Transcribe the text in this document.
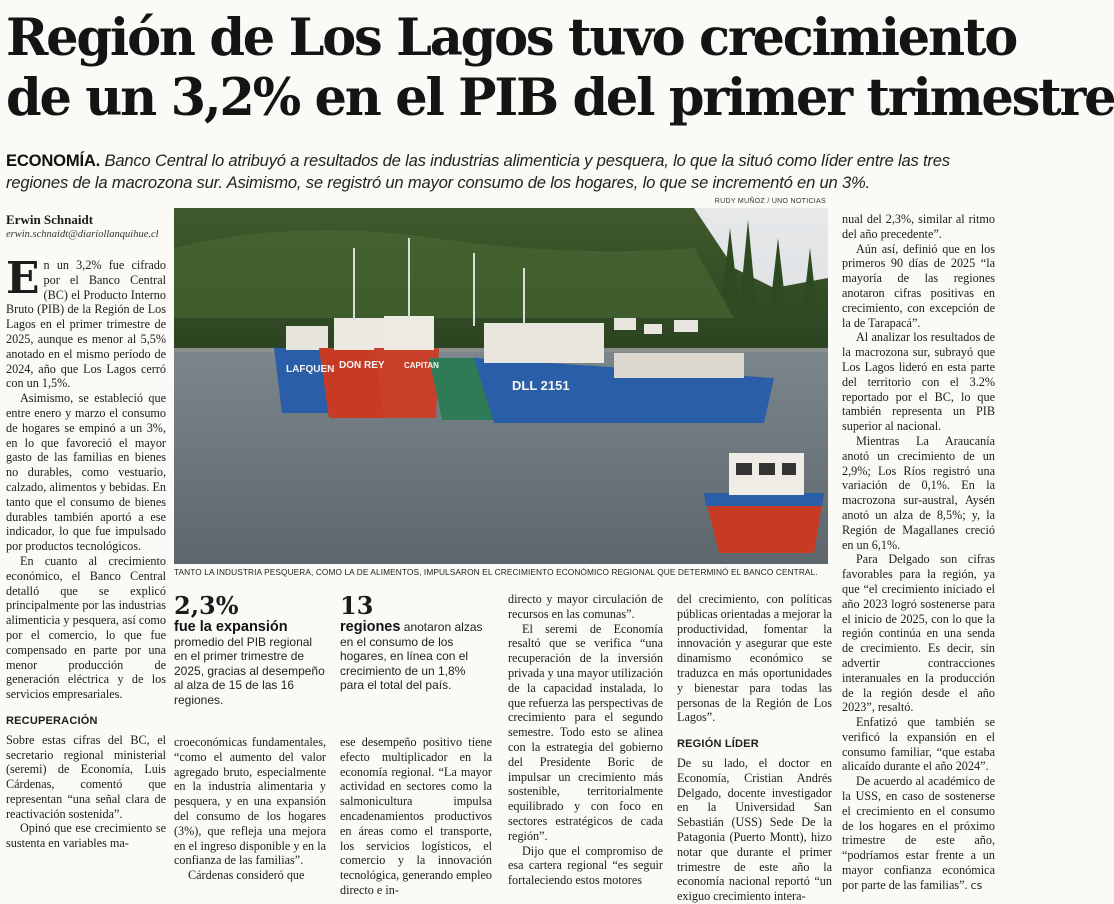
Región de Los Lagos tuvo crecimiento
de un 3,2% en el PIB del primer trimestre
ECONOMÍA. Banco Central lo atribuyó a resultados de las industrias alimenticia y pesquera, lo que la situó como líder entre las tres regiones de la macrozona sur. Asimismo, se registró un mayor consumo de los hogares, lo que se incrementó en un 3%.
Erwin Schnaidt
erwin.schnaidt@diariollanquihue.cl
RUDY MUÑOZ / UNO NOTICIAS
LAFQUEN DON REY CAPITAN
DLL 2151
TANTO LA INDUSTRIA PESQUERA, COMO LA DE ALIMENTOS, IMPULSARON EL CRECIMIENTO ECONÓMICO REGIONAL QUE DETERMINÓ EL BANCO CENTRAL.

En un 3,2% fue cifrado por el Banco Central (BC) el Producto Interno Bruto (PIB) de la Región de Los Lagos en el primer trimestre de 2025, aunque es menor al 5,5% anotado en el mismo período de 2024, año que Los Lagos cerró con un 1,5%.

Asimismo, se estableció que entre enero y marzo el consumo de hogares se empinó a un 3%, en lo que favoreció el mayor gasto de las familias en bienes no durables, como vestuario, calzado, alimentos y bebidas. En tanto que el consumo de bienes durables también aportó a ese indicador, lo que fue impulsado por productos tecnológicos.

En cuanto al crecimiento económico, el Banco Central detalló que se explicó principalmente por las industrias alimenticia y pesquera, así como por el comercio, lo que fue compensado en parte por una menor producción de generación eléctrica y de los servicios empresariales.

RECUPERACIÓN

Sobre estas cifras del BC, el secretario regional ministerial (seremi) de Economía, Luis Cárdenas, comentó que representan “una señal clara de reactivación sostenida”.

Opinó que ese crecimiento se sustenta en variables ma-

2,3%
fue la expansión promedio del PIB regional en el primer trimestre de 2025, gracias al desempeño al alza de 15 de las 16 regiones.
13
regiones anotaron alzas en el consumo de los hogares, en línea con el crecimiento de un 1,8% para el total del país.

croeconómicas fundamentales, “como el aumento del valor agregado bruto, especialmente en la industria alimentaria y pesquera, y en una expansión del consumo de los hogares (3%), que refleja una mejora en el ingreso disponible y en la confianza de las familias”.

Cárdenas consideró que

ese desempeño positivo tiene efecto multiplicador en la economía regional. “La mayor actividad en sectores como la salmonicultura impulsa encadenamientos productivos en áreas como el transporte, los servicios logísticos, el comercio y la innovación tecnológica, generando empleo directo e in-

directo y mayor circulación de recursos en las comunas”.

El seremi de Economía resaltó que se verifica “una recuperación de la inversión privada y una mayor utilización de la capacidad instalada, lo que refuerza las perspectivas de crecimiento para el segundo semestre. Todo esto se alinea con la estrategia del gobierno del Presidente Boric de impulsar un crecimiento más sostenible, territorialmente equilibrado y con foco en sectores estratégicos de cada región”.

Dijo que el compromiso de esa cartera regional “es seguir fortaleciendo estos motores

del crecimiento, con políticas públicas orientadas a mejorar la productividad, fomentar la innovación y asegurar que este dinamismo económico se traduzca en más oportunidades y bienestar para todas las personas de la Región de Los Lagos”.

REGIÓN LÍDER

De su lado, el doctor en Economía, Cristian Andrés Delgado, docente investigador en la Universidad San Sebastián (USS) Sede De la Patagonia (Puerto Montt), hizo notar que durante el primer trimestre de este año la economía nacional reportó “un exiguo crecimiento intera-

nual del 2,3%, similar al ritmo del año precedente”.

Aún así, definió que en los primeros 90 días de 2025 “la mayoría de las regiones anotaron cifras positivas en crecimiento, con excepción de la de Tarapacá”.

Al analizar los resultados de la macrozona sur, subrayó que Los Lagos lideró en esta parte del territorio con el 3.2% reportado por el BC, lo que también representa un PIB superior al nacional.

Mientras La Araucanía anotó un crecimiento de un 2,9%; Los Ríos registró una variación de 0,1%. En la macrozona sur-austral, Aysén anotó un alza de 8,5%; y, la Región de Magallanes creció en un 6,1%.

Para Delgado son cifras favorables para la región, ya que “el crecimiento iniciado el año 2023 logró sostenerse para el inicio de 2025, con lo que la región continúa en una senda de crecimiento. Es decir, sin advertir contracciones interanuales en la producción de la región desde el año 2023”, resaltó.

Enfatizó que también se verificó la expansión en el consumo familiar, “que estaba alicaído durante el año 2024”.

De acuerdo al académico de la USS, en caso de sostenerse el crecimiento en el consumo de los hogares en el próximo trimestre de este año, “podríamos estar frente a un mayor confianza económica por parte de las familias”. cs
